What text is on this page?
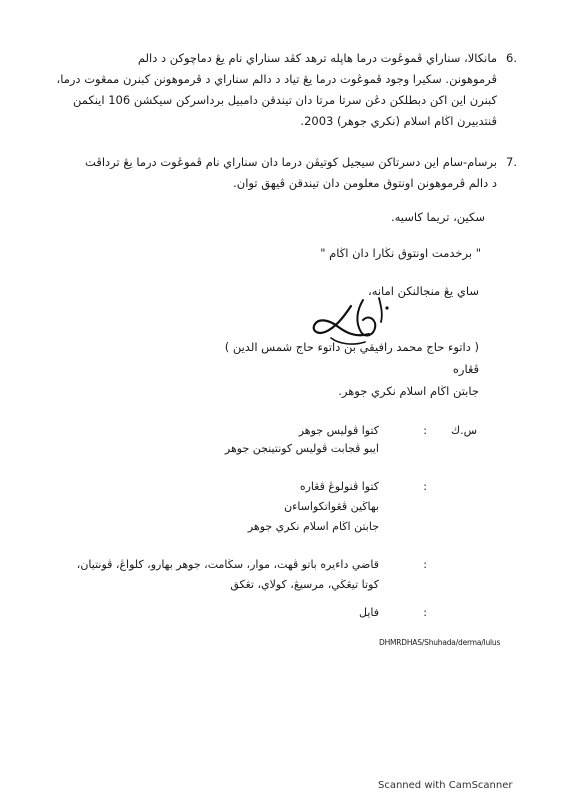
6.
مانكالا، سناراي ڤموڠوت درما هاپله ترهد كڤد سناراي نام يڠ دماچوكن د دالم
ڤرموهونن. سكيرا وجود ڤموڠوت درما يڠ تياد د دالم سناراي د ڤرموهونن كبنرن ممڠوت درما،
كبنرن اين اكن دبطلكن دڠن سرتا مرتا دان تيندقن دامبيل برداسركن سيكشن 106 اينكمن
ڤنتدبيرن اڬام اسلام (نكري جوهر) 2003.
7.
برسام-سام اين دسرتاكن سيجيل كوتيڤن درما دان سناراي نام ڤموڠوت درما يڠ ترداڤت
د دالم ڤرموهونن اونتوق معلومن دان تيندقن ڤيهق توان.
سكين، تريما كاسيه.
" برخدمت اونتوق نڬارا دان اڬام "
ساي يڠ منجالنكن امانه،
( داتوء حاج محمد رافيقي بن داتوء حاج شمس الدين )
ڤڠاره
جابتن اڬام اسلام نكري جوهر.
س.ك
:
كتوا ڤوليس جوهر
ايبو ڤجابت ڤوليس كونتينجن جوهر
:
كتوا ڤنولوڠ ڤڠاره
بهاڬين ڤڠواتكواساءن
جابتن اڬام اسلام نكري جوهر
:
قاضي داءيره باتو ڤهت، موار، سڬامت، جوهر بهارو، كلواڠ، ڤونتيان،
كوتا تيڠڬي، مرسيڠ، كولاي، تڠكق
:
فايل
DHMRDHAS/Shuhada/derma/lulus
Scanned with CamScanner
